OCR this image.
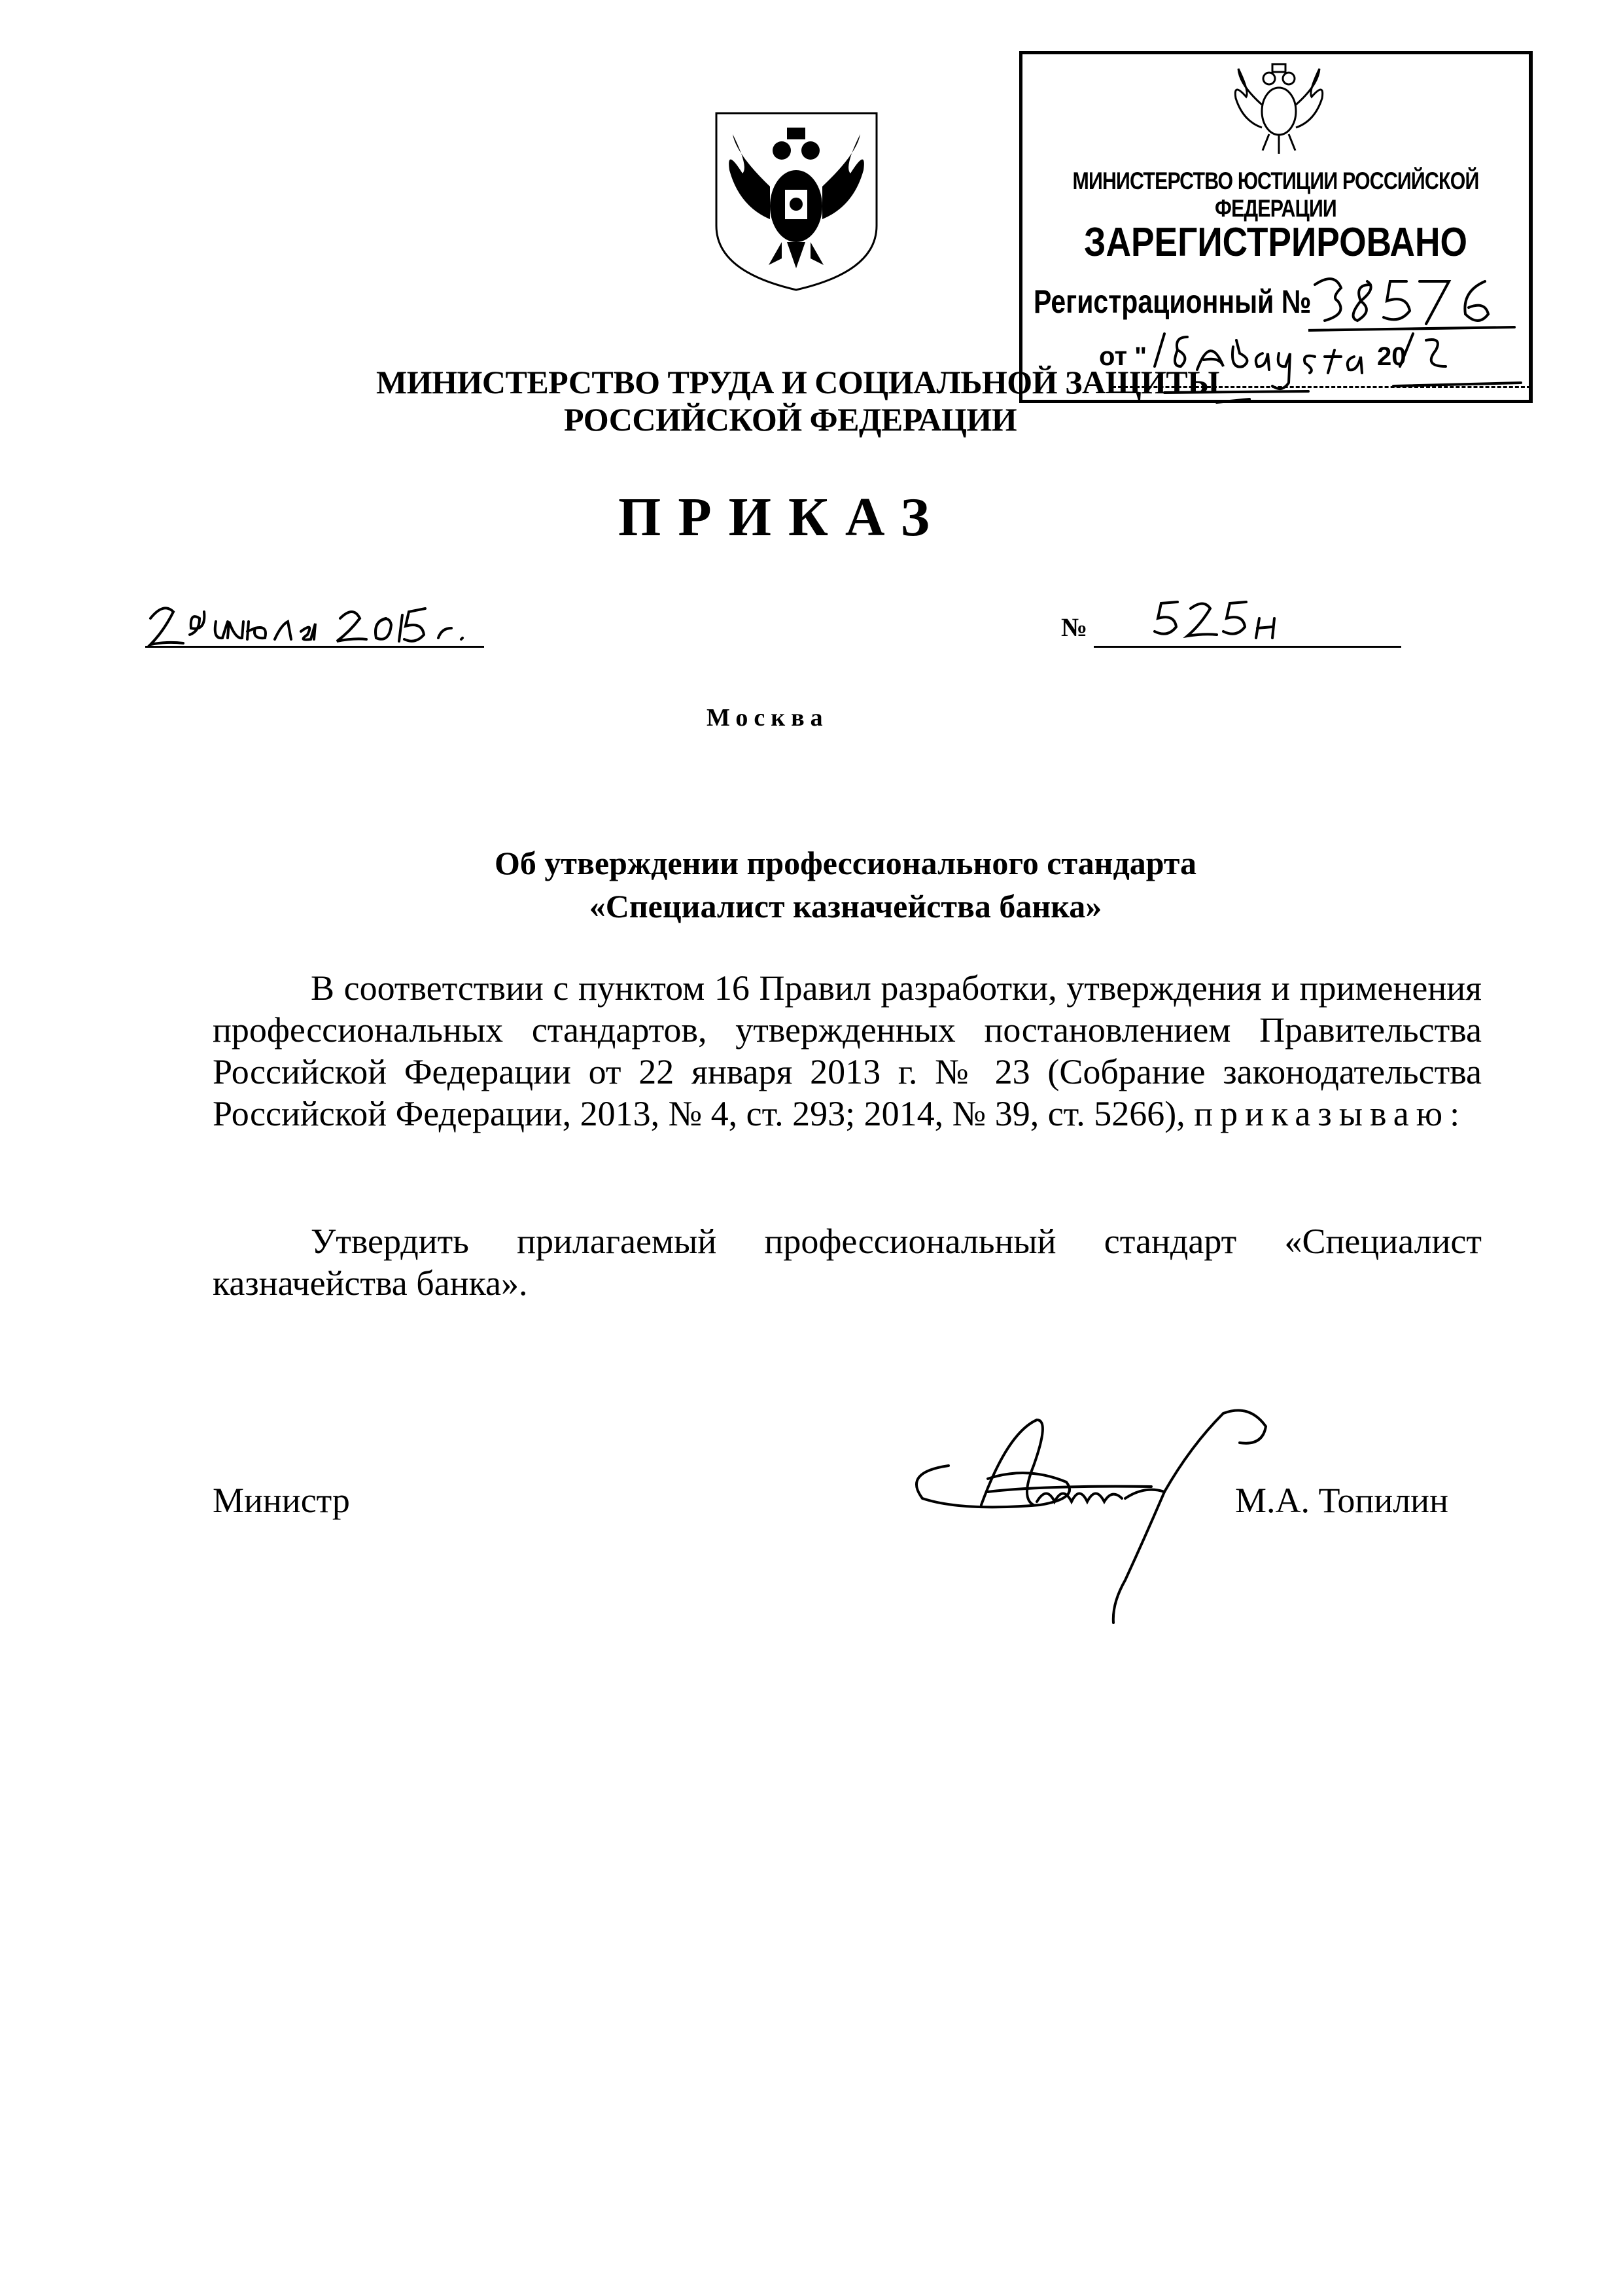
МИНИСТЕРСТВО ЮСТИЦИИ РОССИЙСКОЙ ФЕДЕРАЦИИ
ЗАРЕГИСТРИРОВАНО
Регистрационный №
от "	20
МИНИСТЕРСТВО ТРУДА И СОЦИАЛЬНОЙ ЗАЩИТЫ
РОССИЙСКОЙ ФЕДЕРАЦИИ
ПРИКАЗ
№
Москва
Об утверждении профессионального стандарта
«Специалист казначейства банка»
В соответствии с пунктом 16 Правил разработки, утверждения и применения профессиональных стандартов, утвержденных постановлением Правительства Российской Федерации от 22 января 2013 г. № 23 (Собрание законодательства Российской Федерации, 2013, № 4, ст. 293; 2014, № 39, ст. 5266), приказываю:
Утвердить прилагаемый профессиональный стандарт «Специалист казначейства банка».
Министр	М.А. Топилин
